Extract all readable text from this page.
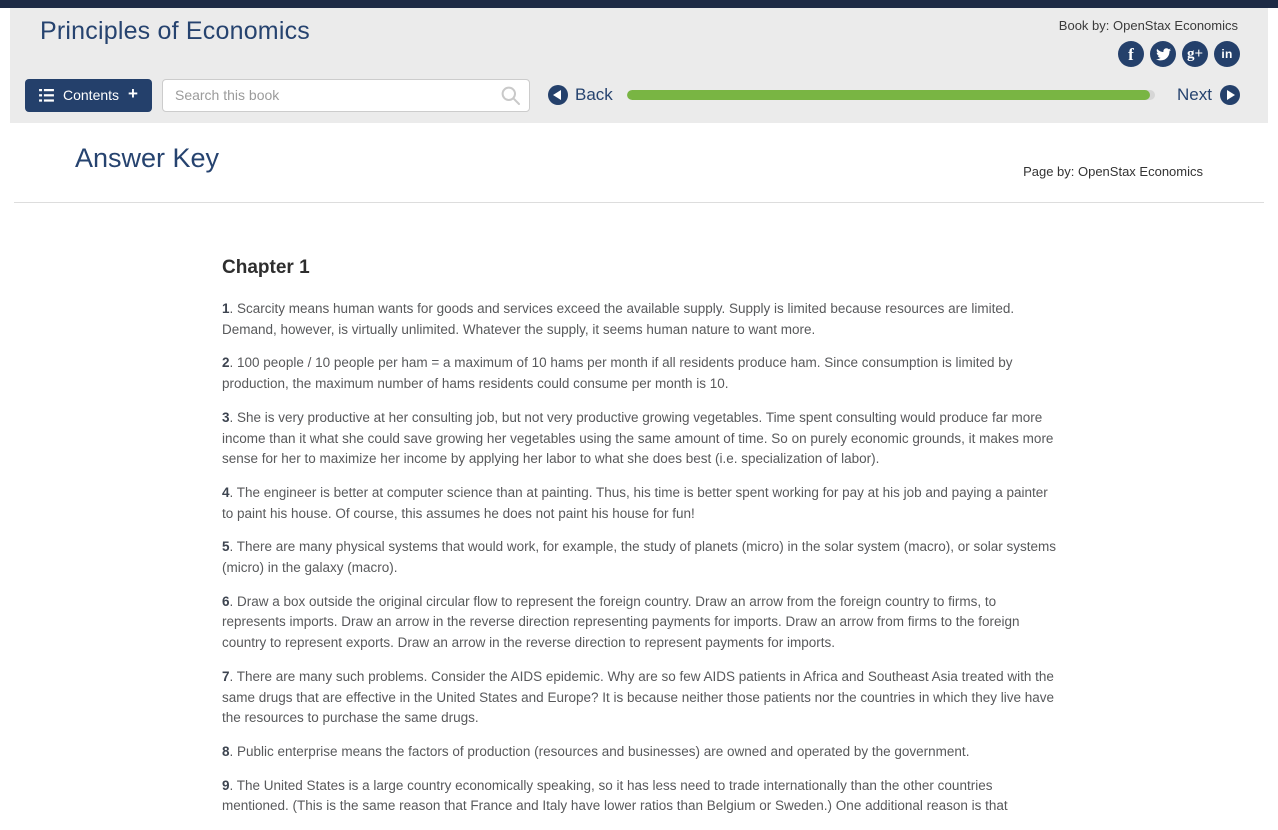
Principles of Economics	Book by: OpenStax Economics
f	g+ in
Contents +
Search this book	Back	Next
Answer Key	Page by: OpenStax Economics
Chapter 1

1. Scarcity means human wants for goods and services exceed the available supply. Supply is limited because resources are limited. Demand, however, is virtually unlimited. Whatever the supply, it seems human nature to want more.

2. 100 people / 10 people per ham = a maximum of 10 hams per month if all residents produce ham. Since consumption is limited by production, the maximum number of hams residents could consume per month is 10.

3. She is very productive at her consulting job, but not very productive growing vegetables. Time spent consulting would produce far more income than it what she could save growing her vegetables using the same amount of time. So on purely economic grounds, it makes more sense for her to maximize her income by applying her labor to what she does best (i.e. specialization of labor).

4. The engineer is better at computer science than at painting. Thus, his time is better spent working for pay at his job and paying a painter to paint his house. Of course, this assumes he does not paint his house for fun!

5. There are many physical systems that would work, for example, the study of planets (micro) in the solar system (macro), or solar systems (micro) in the galaxy (macro).

6. Draw a box outside the original circular flow to represent the foreign country. Draw an arrow from the foreign country to firms, to represents imports. Draw an arrow in the reverse direction representing payments for imports. Draw an arrow from firms to the foreign country to represent exports. Draw an arrow in the reverse direction to represent payments for imports.

7. There are many such problems. Consider the AIDS epidemic. Why are so few AIDS patients in Africa and Southeast Asia treated with the same drugs that are effective in the United States and Europe? It is because neither those patients nor the countries in which they live have the resources to purchase the same drugs.

8. Public enterprise means the factors of production (resources and businesses) are owned and operated by the government.

9. The United States is a large country economically speaking, so it has less need to trade internationally than the other countries mentioned. (This is the same reason that France and Italy have lower ratios than Belgium or Sweden.) One additional reason is that
